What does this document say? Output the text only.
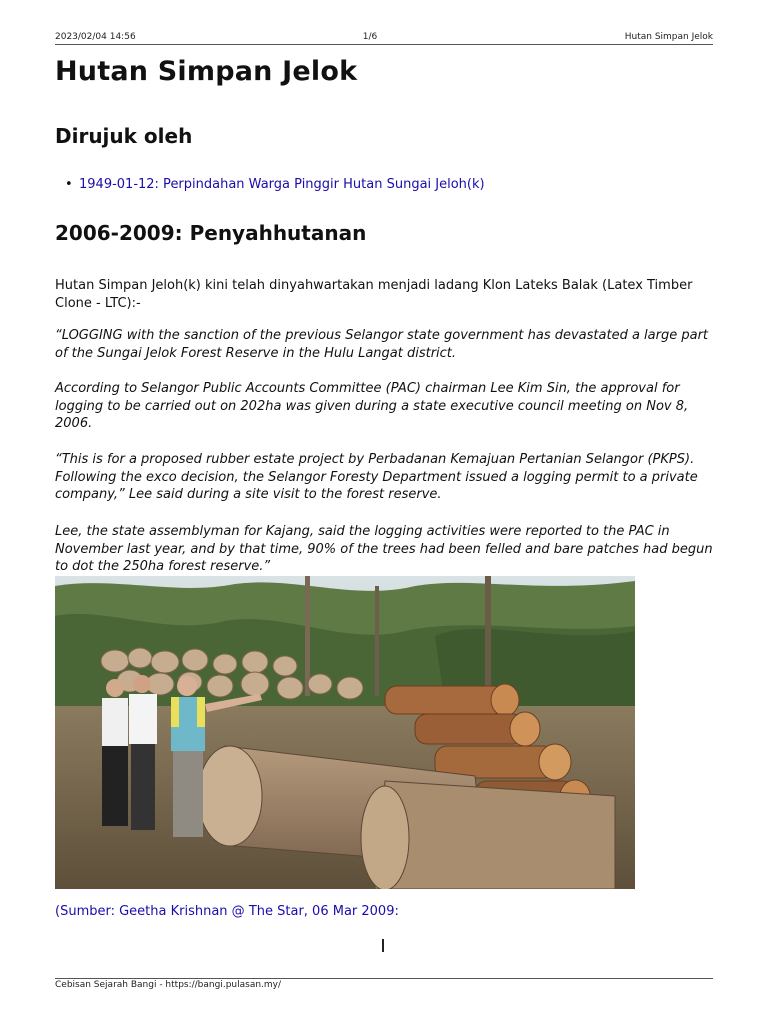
2023/02/04 14:56	1/6	Hutan Simpan Jelok
Hutan Simpan Jelok
Dirujuk oleh
• 1949-01-12: Perpindahan Warga Pinggir Hutan Sungai Jeloh(k)
2006-2009: Penyahhutanan

Hutan Simpan Jeloh(k) kini telah dinyahwartakan menjadi ladang Klon Lateks Balak (Latex Timber Clone - LTC):-

“LOGGING with the sanction of the previous Selangor state government has devastated a large part of the Sungai Jelok Forest Reserve in the Hulu Langat district.

According to Selangor Public Accounts Committee (PAC) chairman Lee Kim Sin, the approval for logging to be carried out on 202ha was given during a state executive council meeting on Nov 8, 2006.

“This is for a proposed rubber estate project by Perbadanan Kemajuan Pertanian Selangor (PKPS). Following the exco decision, the Selangor Foresty Department issued a logging permit to a private company,” Lee said during a site visit to the forest reserve.

Lee, the state assemblyman for Kajang, said the logging activities were reported to the PAC in November last year, and by that time, 90% of the trees had been felled and bare patches had begun to dot the 250ha forest reserve.”

(Sumber: Geetha Krishnan @ The Star, 06 Mar 2009:
Cebisan Sejarah Bangi - https://bangi.pulasan.my/
